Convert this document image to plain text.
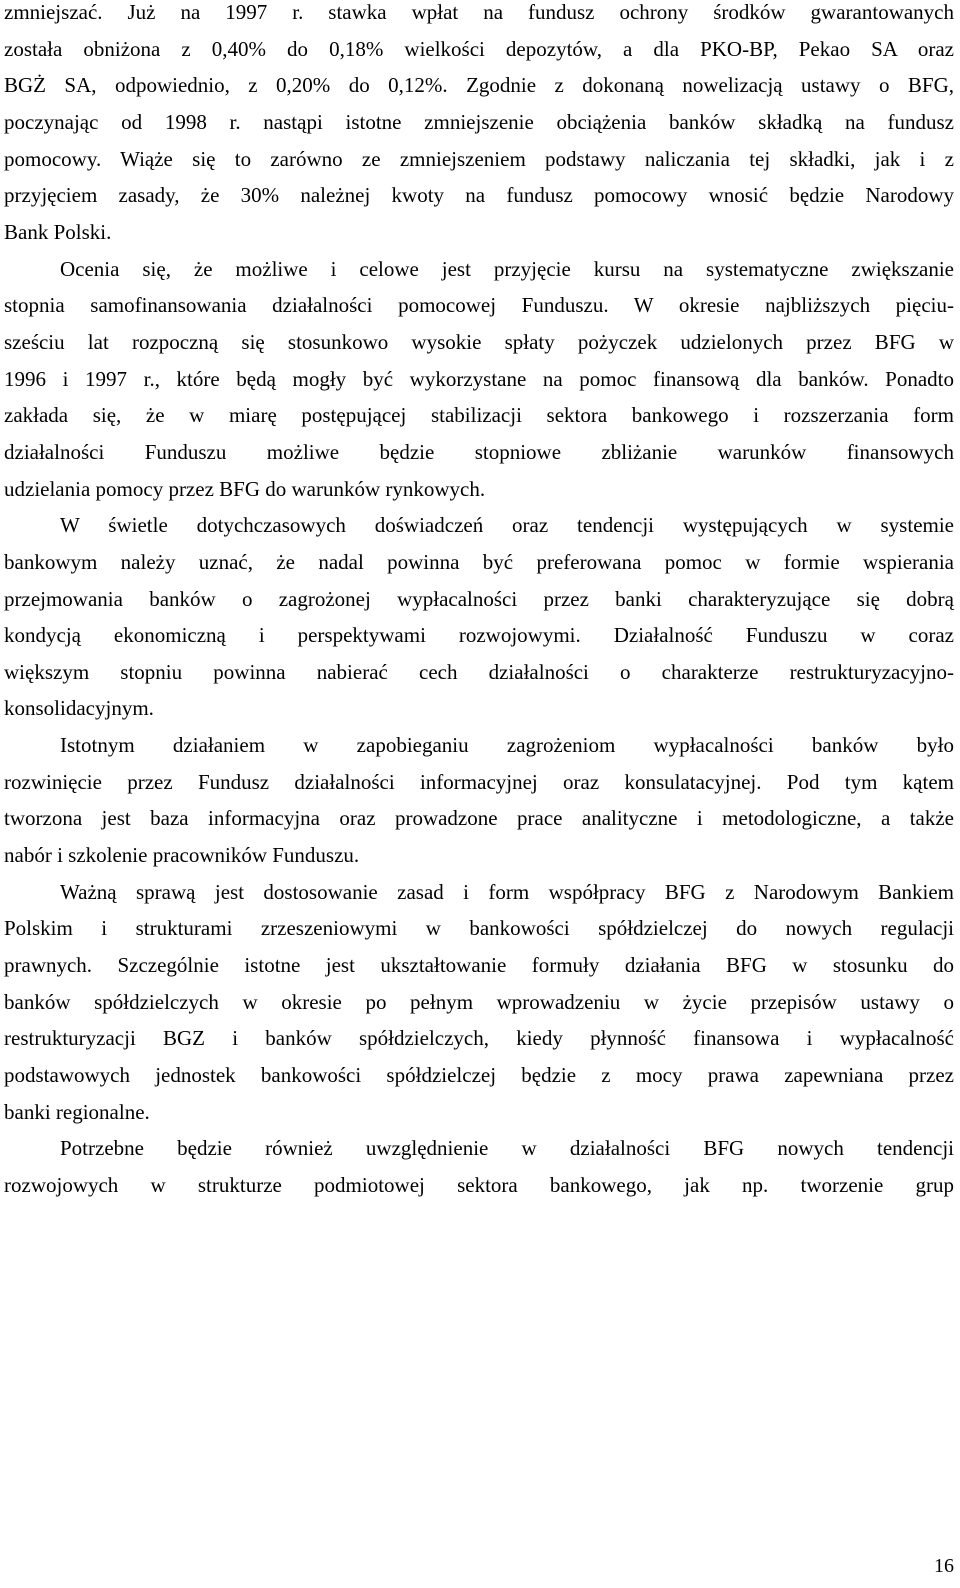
zmniejszać. Już na 1997 r. stawka wpłat na fundusz ochrony środków gwarantowanych
została obniżona z 0,40% do 0,18% wielkości depozytów, a dla PKO-BP, Pekao SA oraz
BGŻ SA, odpowiednio, z 0,20% do 0,12%. Zgodnie z dokonaną nowelizacją ustawy o BFG,
poczynając od 1998 r. nastąpi istotne zmniejszenie obciążenia banków składką na fundusz
pomocowy. Wiąże się to zarówno ze zmniejszeniem podstawy naliczania tej składki, jak i z
przyjęciem zasady, że 30% należnej kwoty na fundusz pomocowy wnosić będzie Narodowy
Bank Polski.
Ocenia się, że możliwe i celowe jest przyjęcie kursu na systematyczne zwiększanie
stopnia samofinansowania działalności pomocowej Funduszu. W okresie najbliższych pięciu-
sześciu lat rozpoczną się stosunkowo wysokie spłaty pożyczek udzielonych przez BFG w
1996 i 1997 r., które będą mogły być wykorzystane na pomoc finansową dla banków. Ponadto
zakłada się, że w miarę postępującej stabilizacji sektora bankowego i rozszerzania form
działalności Funduszu możliwe będzie stopniowe zbliżanie warunków finansowych
udzielania pomocy przez BFG do warunków rynkowych.
W świetle dotychczasowych doświadczeń oraz tendencji występujących w systemie
bankowym należy uznać, że nadal powinna być preferowana pomoc w formie wspierania
przejmowania banków o zagrożonej wypłacalności przez banki charakteryzujące się dobrą
kondycją ekonomiczną i perspektywami rozwojowymi. Działalność Funduszu w coraz
większym stopniu powinna nabierać cech działalności o charakterze restrukturyzacyjno-
konsolidacyjnym.
Istotnym działaniem w zapobieganiu zagrożeniom wypłacalności banków było
rozwinięcie przez Fundusz działalności informacyjnej oraz konsulatacyjnej. Pod tym kątem
tworzona jest baza informacyjna oraz prowadzone prace analityczne i metodologiczne, a także
nabór i szkolenie pracowników Funduszu.
Ważną sprawą jest dostosowanie zasad i form współpracy BFG z Narodowym Bankiem
Polskim i strukturami zrzeszeniowymi w bankowości spółdzielczej do nowych regulacji
prawnych. Szczególnie istotne jest ukształtowanie formuły działania BFG w stosunku do
banków spółdzielczych w okresie po pełnym wprowadzeniu w życie przepisów ustawy o
restrukturyzacji BGZ i banków spółdzielczych, kiedy płynność finansowa i wypłacalność
podstawowych jednostek bankowości spółdzielczej będzie z mocy prawa zapewniana przez
banki regionalne.
Potrzebne będzie również uwzględnienie w działalności BFG nowych tendencji
rozwojowych w strukturze podmiotowej sektora bankowego, jak np. tworzenie grup
16
